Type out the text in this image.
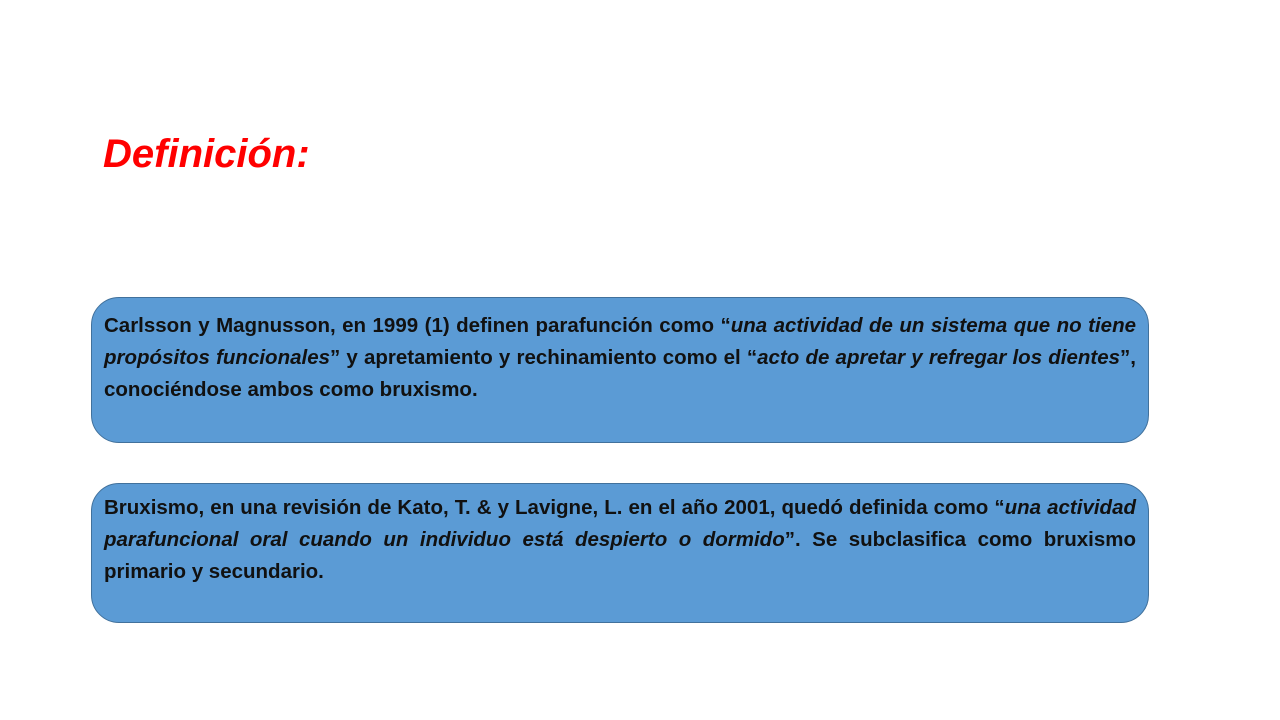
Definición:

Carlsson y Magnusson, en 1999 (1) definen parafunción como “una actividad de un sistema que no tiene propósitos funcionales” y apretamiento y rechinamiento como el “acto de apretar y refregar los dientes”, conociéndose ambos como bruxismo.

Bruxismo, en una revisión de Kato, T. & y Lavigne, L. en el año 2001, quedó definida como “una actividad parafuncional oral cuando un individuo está despierto o dormido”. Se subclasifica como bruxismo primario y secundario.
